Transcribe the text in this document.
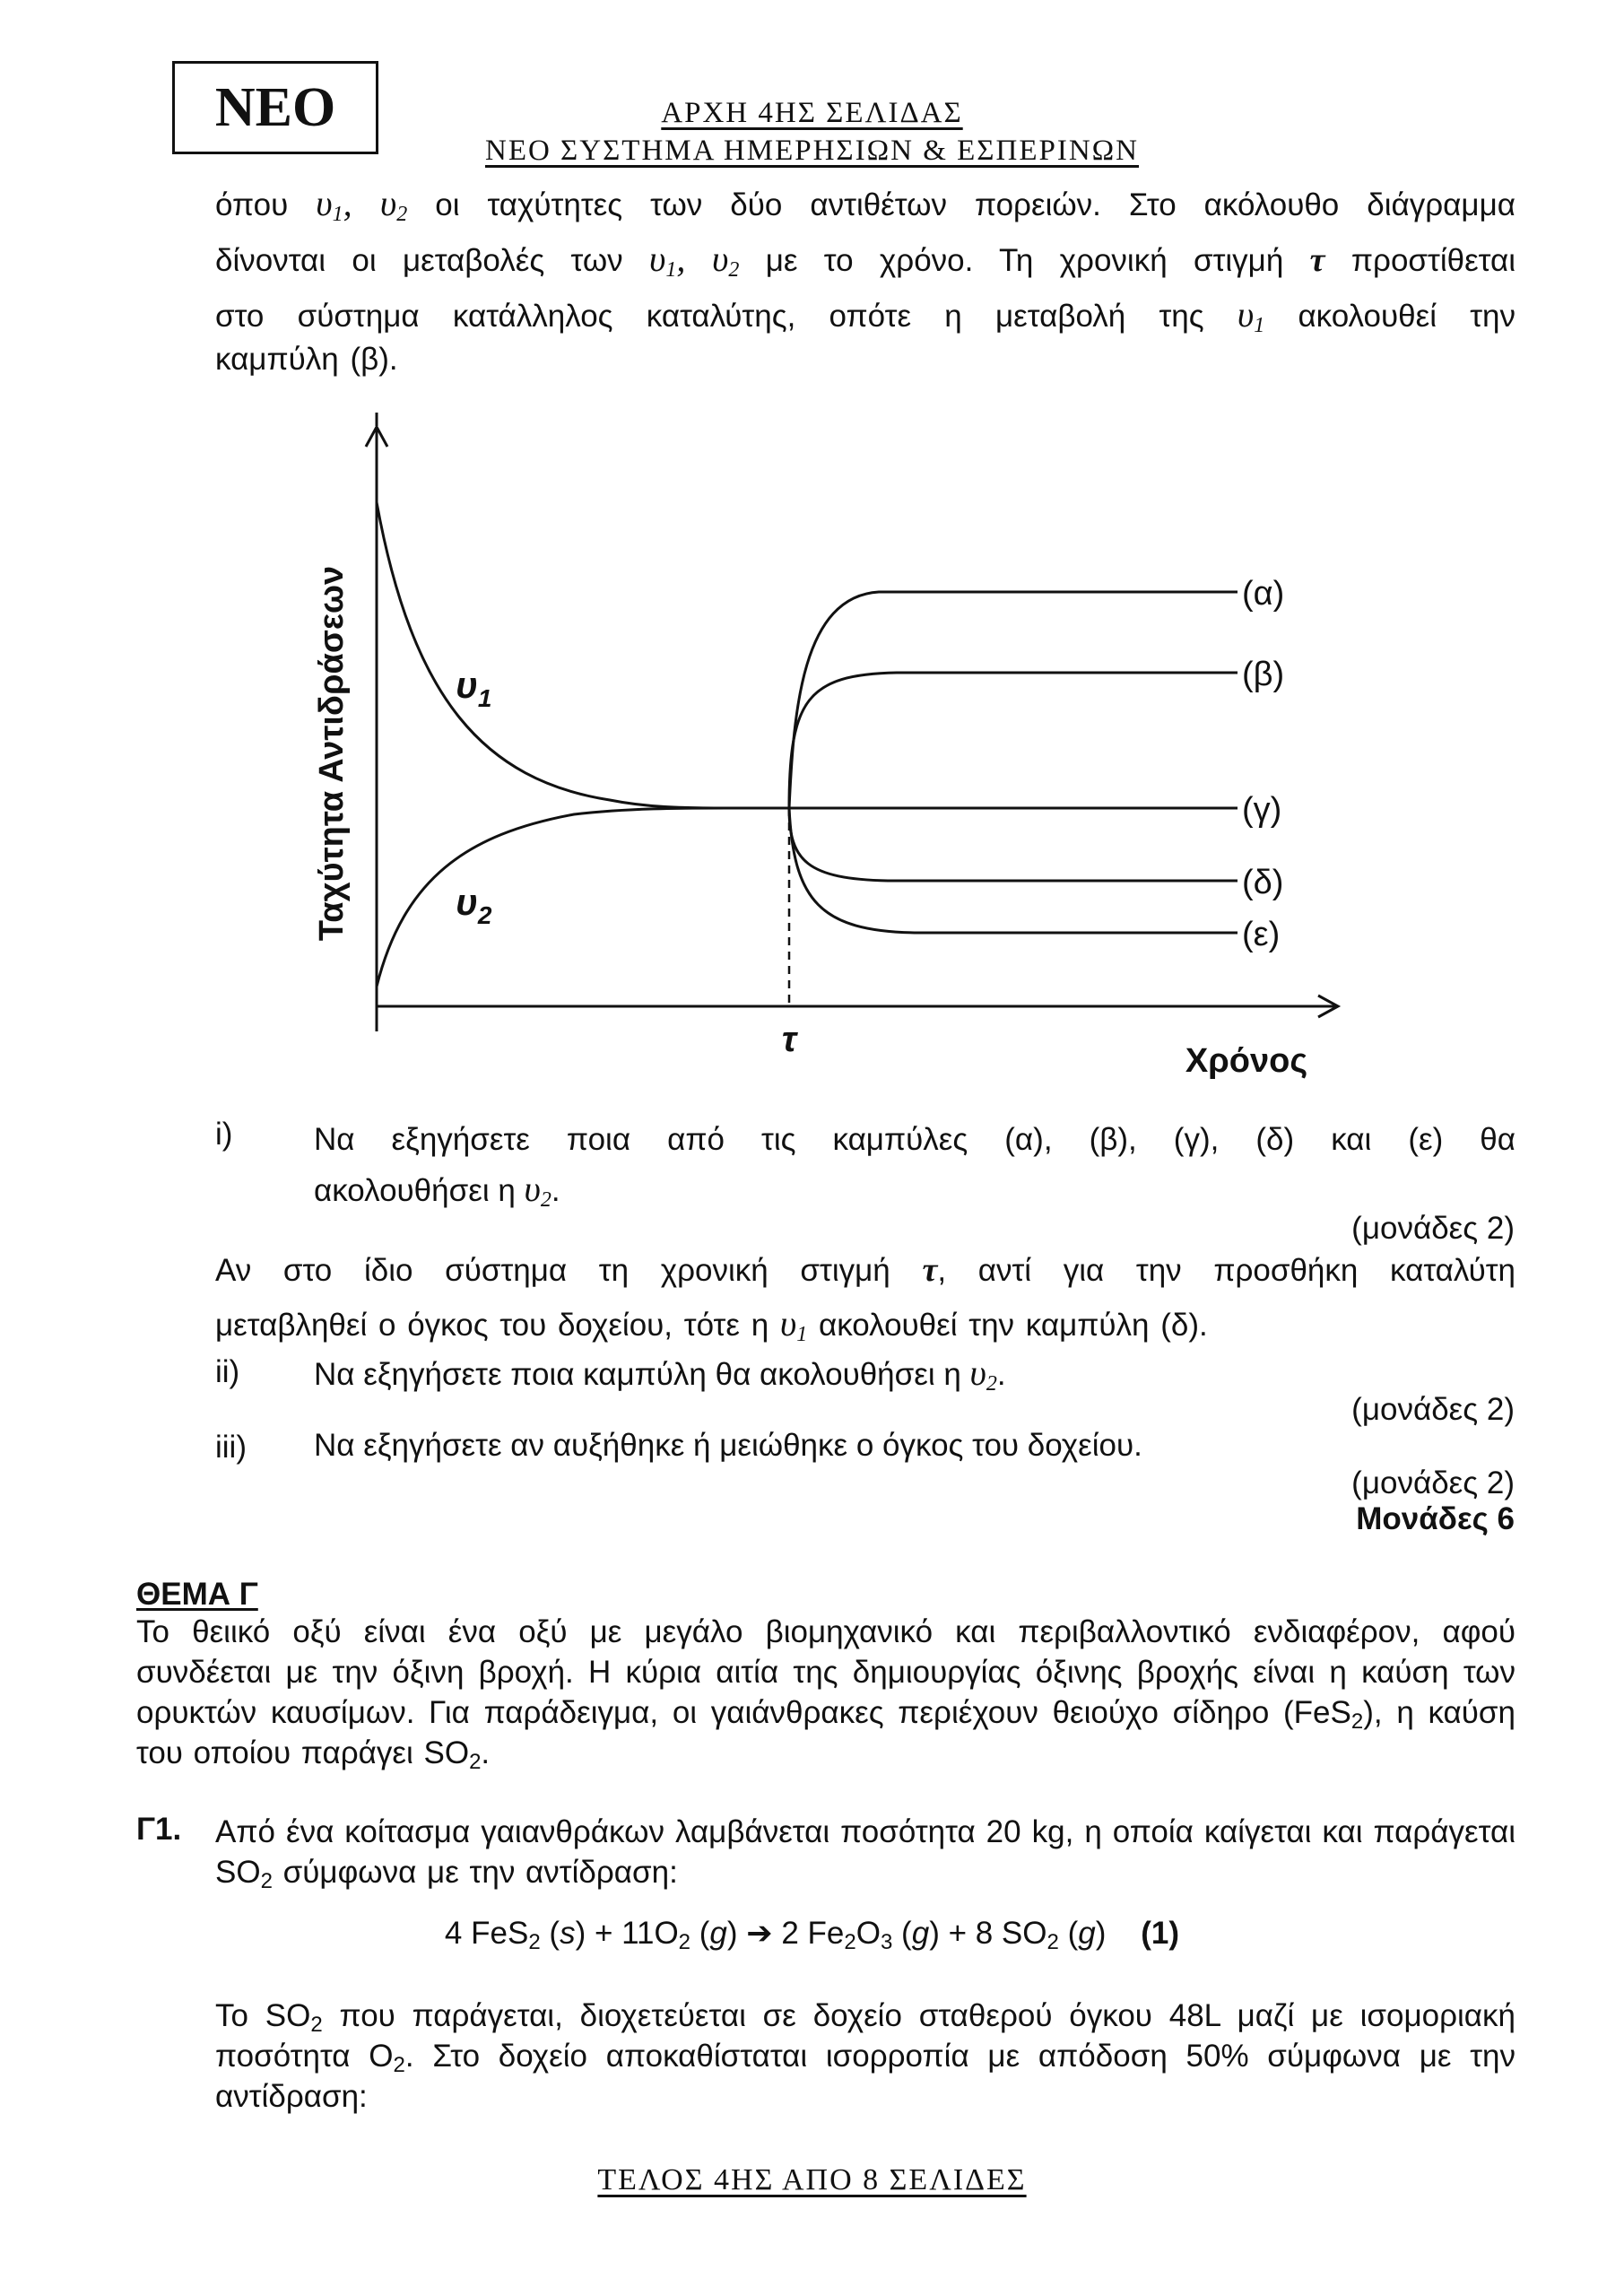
ΝΕΟ	ΑΡΧΗ 4ΗΣ ΣΕΛΙΔΑΣ
ΝΕΟ ΣΥΣΤΗΜΑ ΗΜΕΡΗΣΙΩΝ & ΕΣΠΕΡΙΝΩΝ
όπου $\upsilon_1$, $\upsilon_2$ οι ταχύτητες των δύο αντιθέτων πορειών. Στο ακόλουθο διάγραμμα
δίνονται οι μεταβολές των $\upsilon_1$, $\upsilon_2$ με το χρόνο. Τη χρονική στιγμή τ προστίθεται
στο σύστημα κατάλληλος καταλύτης, οπότε η μεταβολή της $\upsilon_1$ ακολουθεί την
καμπύλη (β).
Ταχύτητα Αντιδράσεων
Χρόνος
τ
$\upsilon_1$
$\upsilon_2$
(α)
(β)
(γ)
(δ)
(ε)
i)	Να εξηγήσετε ποια από τις καμπύλες (α), (β), (γ), (δ) και (ε) θα
ακολουθήσει η $\upsilon_2$.
(μονάδες 2)
Αν στο ίδιο σύστημα τη χρονική στιγμή τ, αντί για την προσθήκη καταλύτη
μεταβληθεί ο όγκος του δοχείου, τότε η $\upsilon_1$ ακολουθεί την καμπύλη (δ).
ii) Να εξηγήσετε ποια καμπύλη θα ακολουθήσει η $\upsilon_2$.
(μονάδες 2)
iii) Να εξηγήσετε αν αυξήθηκε ή μειώθηκε ο όγκος του δοχείου.
(μονάδες 2)
Μονάδες 6
ΘΕΜΑ Γ
Το θειικό οξύ είναι ένα οξύ με μεγάλο βιομηχανικό και περιβαλλοντικό ενδιαφέρον, αφού συνδέεται με την όξινη βροχή. Η κύρια αιτία της δημιουργίας όξινης βροχής είναι η καύση των ορυκτών καυσίμων. Για παράδειγμα, οι γαιάνθρακες περιέχουν θειούχο σίδηρο (FeS$_2$), η καύση του οποίου παράγει $SO_2$.
Γ1. Από ένα κοίτασμα γαιανθράκων λαμβάνεται ποσότητα 20 kg, η οποία καίγεται και παράγεται $SO_2$ σύμφωνα με την αντίδραση:
4 FeS$_2$ $(s) + 11O_2$ (g) ➔ 2 $Fe_2O_3$ (g) + 8 $SO_2$ (g) (1)
Το $SO_2$ που παράγεται, διοχετεύεται σε δοχείο σταθερού όγκου 48L μαζί με ισομοριακή ποσότητα $O_2$. Στο δοχείο αποκαθίσταται ισορροπία με απόδοση 50% σύμφωνα με την αντίδραση:
ΤΕΛΟΣ 4ΗΣ ΑΠΟ 8 ΣΕΛΙΔΕΣ
